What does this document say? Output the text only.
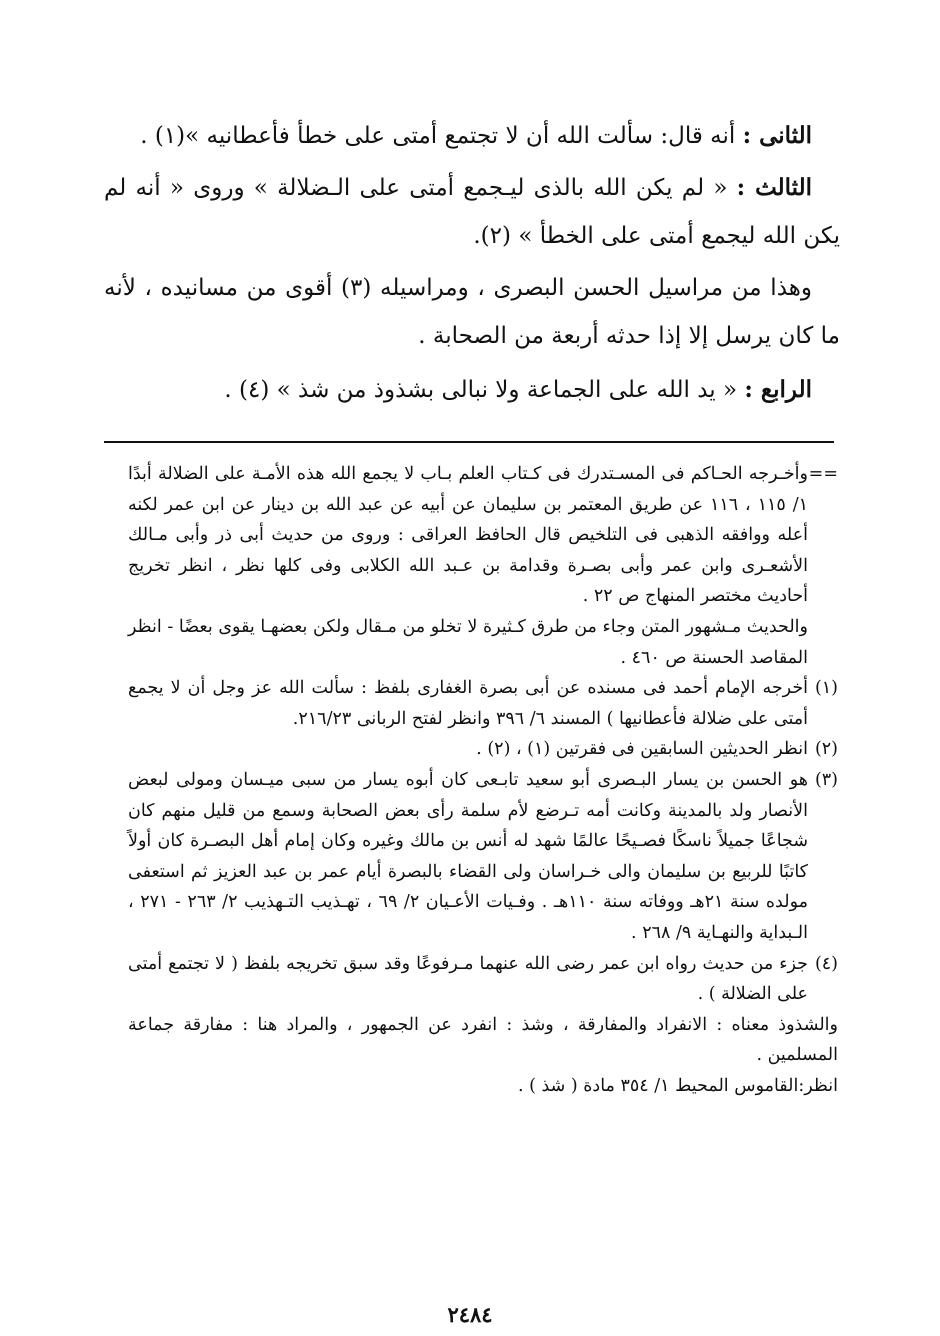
الثانى : أنه قال: سألت الله أن لا تجتمع أمتى على خطأ فأعطانيه »(١) .

الثالث : « لم يكن الله بالذى ليـجمع أمتى على الـضلالة » وروى « أنه لم يكن الله ليجمع أمتى على الخطأ » (٢).

وهذا من مراسيل الحسن البصرى ، ومراسيله (٣) أقوى من مسانيده ، لأنه ما كان يرسل إلا إذا حدثه أربعة من الصحابة .

الرابع : « يد الله على الجماعة ولا نبالى بشذوذ من شذ » (٤) .

==
وأخـرجه الحـاكم فى المسـتدرك فى كـتاب العلم بـاب لا يجمع الله هذه الأمـة على الضلالة أبدًا ١/ ١١٥ ، ١١٦ عن طريق المعتمر بن سليمان عن أبيه عن عبد الله بن دينار عن ابن عمر لكنه أعله ووافقه الذهبى فى التلخيص قال الحافظ العراقى : وروى من حديث أبى ذر وأبى مـالك الأشعـرى وابن عمر وأبى بصـرة وقدامة بن عـبد الله الكلابى وفى كلها نظر ، انظر تخريج أحاديث مختصر المنهاج ص ٢٢ .

والحديث مـشهور المتن وجاء من طرق كـثيرة لا تخلو من مـقال ولكن بعضهـا يقوى بعضًا - انظر المقاصد الحسنة ص ٤٦٠ .

(١)
أخرجه الإمام أحمد فى مسنده عن أبى بصرة الغفارى بلفظ : سألت الله عز وجل أن لا يجمع أمتى على ضلالة فأعطانيها ) المسند ٦/ ٣٩٦ وانظر لفتح الربانى ٢١٦/٢٣.
(٢)
انظر الحديثين السابقين فى فقرتين (١) ، (٢) .
(٣)
هو الحسن بن يسار البـصرى أبو سعيد تابـعى كان أبوه يسار من سبى ميـسان ومولى لبعض الأنصار ولد بالمدينة وكانت أمه تـرضع لأم سلمة رأى بعض الصحابة وسمع من قليل منهم كان شجاعًا جميلاً ناسكًا فصـيحًا عالمًا شهد له أنس بن مالك وغيره وكان إمام أهل البصـرة كان أولاً كاتبًا للربيع بن سليمان والى خـراسان ولى القضاء بالبصرة أيام عمر بن عبد العزيز ثم استعفى مولده سنة ٢١هـ ووفاته سنة ١١٠هـ . وفـيات الأعـيان ٢/ ٦٩ ، تهـذيب التـهذيب ٢/ ٢٦٣ - ٢٧١ ، الـبداية والنهـاية ٩/ ٢٦٨ .
(٤)
جزء من حديث رواه ابن عمر رضى الله عنهما مـرفوعًا وقد سبق تخريجه بلفظ ( لا تجتمع أمتى على الضلالة ) .

والشذوذ معناه : الانفراد والمفارقة ، وشذ : انفرد عن الجمهور ، والمراد هنا : مفارقة جماعة المسلمين .

انظر:القاموس المحيط ١/ ٣٥٤ مادة ( شذ ) .

٢٤٨٤
